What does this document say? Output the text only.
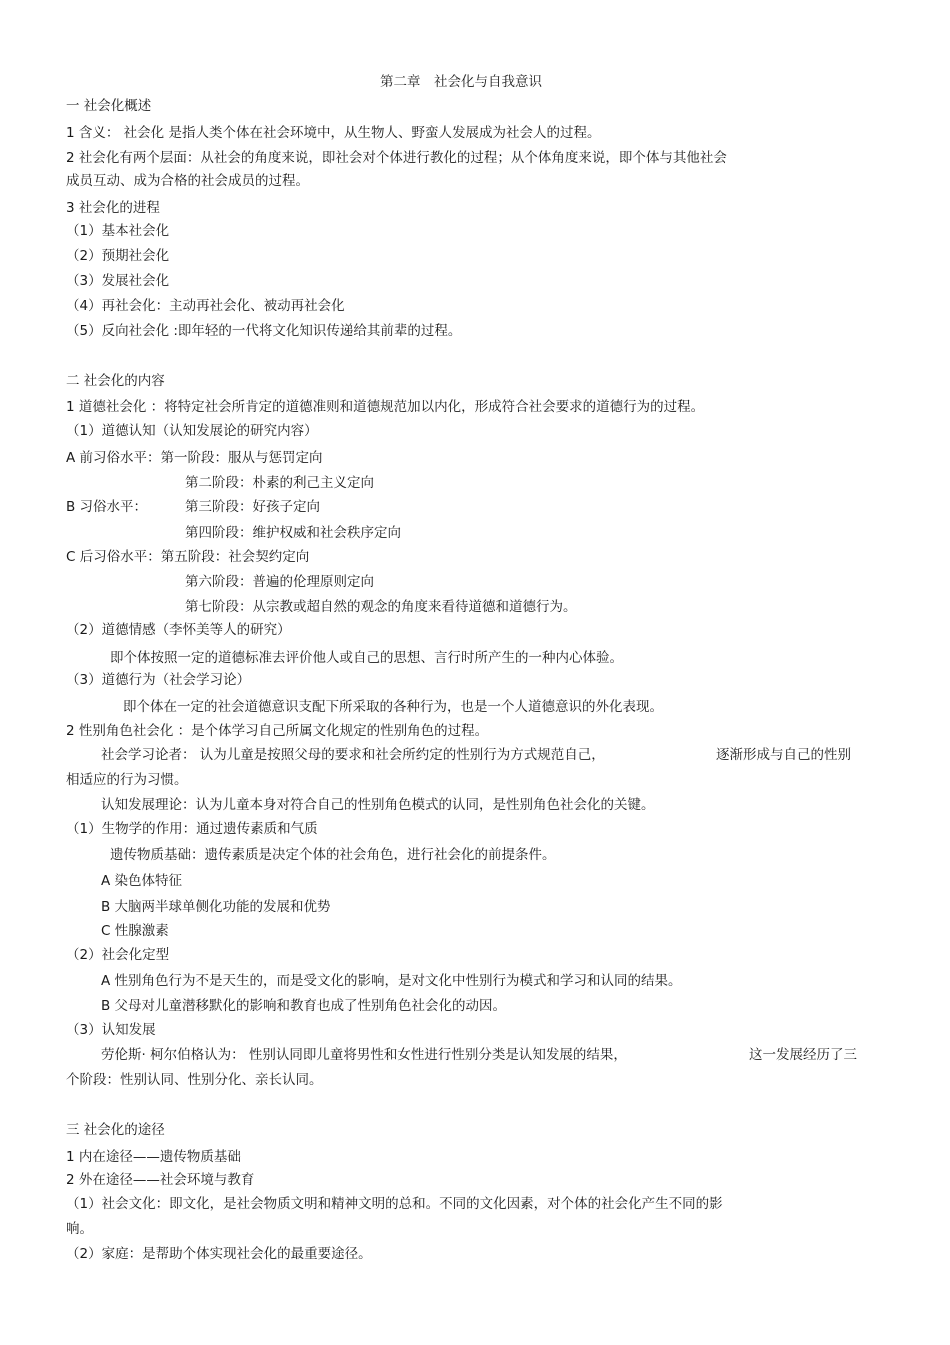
第二章　社会化与自我意识
一 社会化概述
1 含义： 社会化 是指人类个体在社会环境中，从生物人、野蛮人发展成为社会人的过程。
2 社会化有两个层面：从社会的角度来说，即社会对个体进行教化的过程；从个体角度来说，即个体与其他社会
成员互动、成为合格的社会成员的过程。
3 社会化的进程
（1）基本社会化
（2）预期社会化
（3）发展社会化
（4）再社会化：主动再社会化、被动再社会化
（5）反向社会化 :即年轻的一代将文化知识传递给其前辈的过程。
二 社会化的内容
1 道德社会化 ：将特定社会所肯定的道德准则和道德规范加以内化，形成符合社会要求的道德行为的过程。
（1）道德认知（认知发展论的研究内容）
A 前习俗水平：第一阶段：服从与惩罚定向
第二阶段：朴素的利己主义定向
B 习俗水平：	第三阶段：好孩子定向
第四阶段：维护权威和社会秩序定向
C 后习俗水平：第五阶段：社会契约定向
第六阶段：普遍的伦理原则定向
第七阶段：从宗教或超自然的观念的角度来看待道德和道德行为。
（2）道德情感（李怀美等人的研究）
即个体按照一定的道德标准去评价他人或自己的思想、言行时所产生的一种内心体验。
（3）道德行为（社会学习论）
即个体在一定的社会道德意识支配下所采取的各种行为，也是一个人道德意识的外化表现。
2 性别角色社会化 ：是个体学习自己所属文化规定的性别角色的过程。
社会学习论者： 认为儿童是按照父母的要求和社会所约定的性别行为方式规范自己，	逐渐形成与自己的性别
相适应的行为习惯。
认知发展理论：认为儿童本身对符合自己的性别角色模式的认同，是性别角色社会化的关键。
（1）生物学的作用：通过遗传素质和气质
遗传物质基础：遗传素质是决定个体的社会角色，进行社会化的前提条件。
A 染色体特征
B 大脑两半球单侧化功能的发展和优势
C 性腺激素
（2）社会化定型
A 性别角色行为不是天生的，而是受文化的影响，是对文化中性别行为模式和学习和认同的结果。
B 父母对儿童潜移默化的影响和教育也成了性别角色社会化的动因。
（3）认知发展
劳伦斯· 柯尔伯格认为： 性别认同即儿童将男性和女性进行性别分类是认知发展的结果，	这一发展经历了三
个阶段：性别认同、性别分化、亲长认同。
三 社会化的途径
1 内在途径——遗传物质基础
2 外在途径——社会环境与教育
（1）社会文化：即文化，是社会物质文明和精神文明的总和。不同的文化因素，对个体的社会化产生不同的影
响。
（2）家庭：是帮助个体实现社会化的最重要途径。
